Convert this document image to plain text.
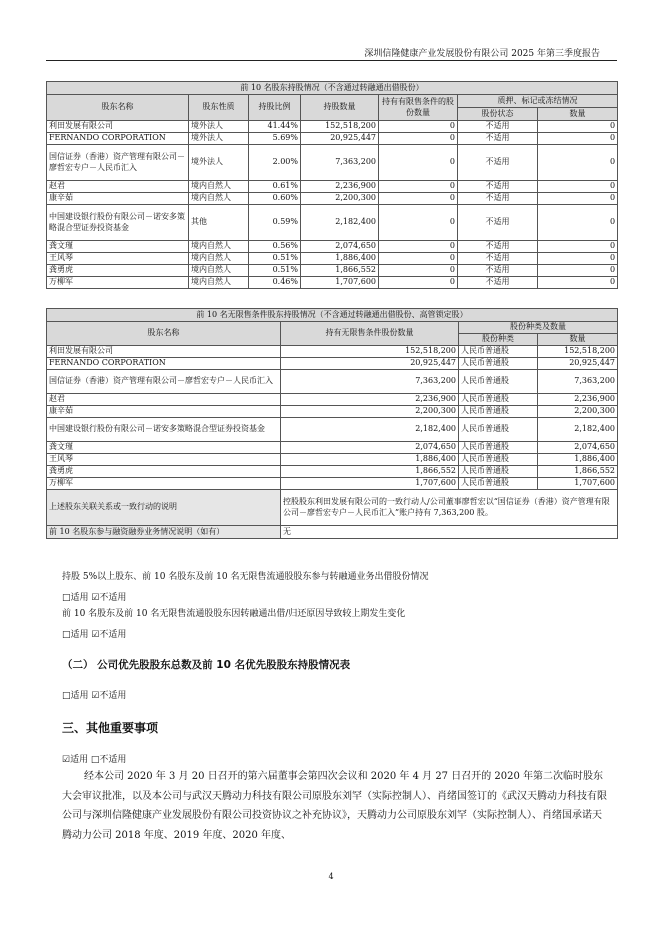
深圳信隆健康产业发展股份有限公司 2025 年第三季度报告
前 10 名股东持股情况（不含通过转融通出借股份）						
股东名称	股东性质	持股比例	持股数量	持有有限售条件的股份数量	质押、标记或冻结情况	
					股份状态	数量
利田发展有限公司	境外法人	41.44%	152,518,200	0	不适用	0
FERNANDO CORPORATION	境外法人	5.69%	20,925,447	0	不适用	0
国信证券（香港）资产管理有限公司－廖哲宏专户－人民币汇入	境外法人	2.00%	7,363,200	0	不适用	0
赵君	境内自然人	0.61%	2,236,900	0	不适用	0
康辛茹	境内自然人	0.60%	2,200,300	0	不适用	0
中国建设银行股份有限公司－诺安多策略混合型证券投资基金	其他	0.59%	2,182,400	0	不适用	0
龚文瑾	境内自然人	0.56%	2,074,650	0	不适用	0
王风琴	境内自然人	0.51%	1,886,400	0	不适用	0
龚勇虎	境内自然人	0.51%	1,866,552	0	不适用	0
万柳军	境内自然人	0.46%	1,707,600	0	不适用	0
前 10 名无限售条件股东持股情况（不含通过转融通出借股份、高管锁定股）			
股东名称	持有无限售条件股份数量	股份种类及数量	
		股份种类	数量
利田发展有限公司	152,518,200	人民币普通股	152,518,200
FERNANDO CORPORATION	20,925,447	人民币普通股	20,925,447
国信证券（香港）资产管理有限公司－廖哲宏专户－人民币汇入	7,363,200	人民币普通股	7,363,200
赵君	2,236,900	人民币普通股	2,236,900
康辛茹	2,200,300	人民币普通股	2,200,300
中国建设银行股份有限公司－诺安多策略混合型证券投资基金	2,182,400	人民币普通股	2,182,400
龚文瑾	2,074,650	人民币普通股	2,074,650
王风琴	1,886,400	人民币普通股	1,886,400
龚勇虎	1,866,552	人民币普通股	1,866,552
万柳军	1,707,600	人民币普通股	1,707,600
上述股东关联关系或一致行动的说明	控股股东利田发展有限公司的一致行动人/公司董事廖哲宏以“国信证券（香港）资产管理有限公司－廖哲宏专户－人民币汇入”账户持有 7,363,200 股。		
前 10 名股东参与融资融券业务情况说明（如有）	无		
持股 5%以上股东、前 10 名股东及前 10 名无限售流通股股东参与转融通业务出借股份情况
□适用 ☑不适用
前 10 名股东及前 10 名无限售流通股股东因转融通出借/归还原因导致较上期发生变化
□适用 ☑不适用
（二） 公司优先股股东总数及前 10 名优先股股东持股情况表
□适用 ☑不适用
三、其他重要事项
☑适用 □不适用
经本公司 2020 年 3 月 20 日召开的第六届董事会第四次会议和 2020 年 4 月 27 日召开的 2020 年第二次临时股东大会审议批准，以及本公司与武汉天腾动力科技有限公司原股东刘罕（实际控制人）、肖绪国签订的《武汉天腾动力科技有限公司与深圳信隆健康产业发展股份有限公司投资协议之补充协议》，天腾动力公司原股东刘罕（实际控制人）、肖绪国承诺天腾动力公司 2018 年度、2019 年度、2020 年度、
4
